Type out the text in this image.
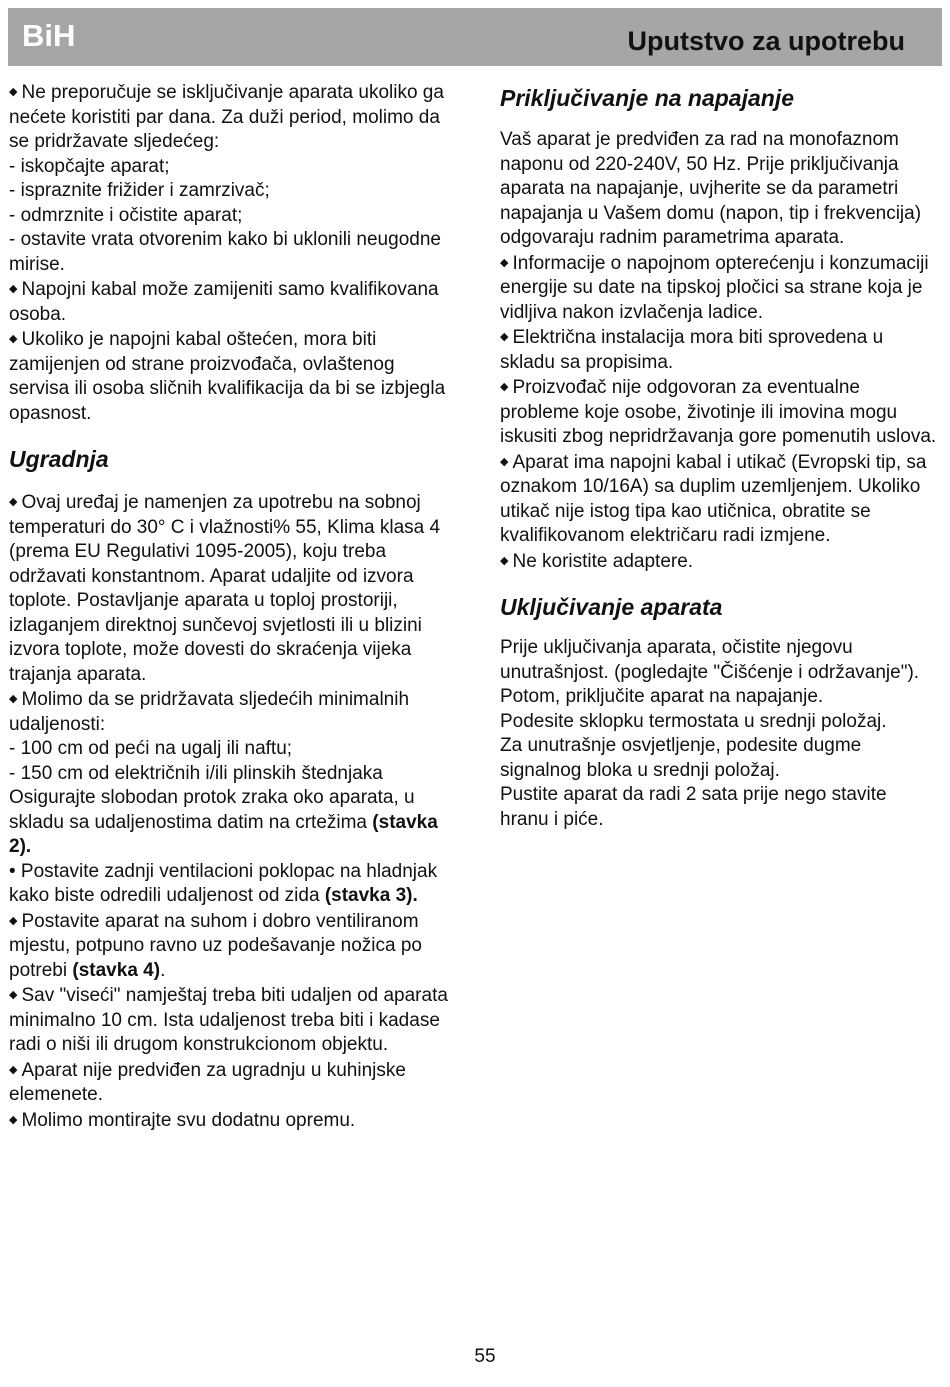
BiH	Uputstvo za upotrebu

◆ Ne preporučuje se isključivanje aparata ukoliko ga nećete koristiti par dana. Za duži period, molimo da se pridržavate sljedećeg:

- iskopčajte aparat;

- ispraznite frižider i zamrzivač;

- odmrznite i očistite aparat;

- ostavite vrata otvorenim kako bi uklonili neugodne mirise.

◆ Napojni kabal može zamijeniti samo kvalifikovana osoba.

◆ Ukoliko je napojni kabal oštećen, mora biti zamijenjen od strane proizvođača, ovlaštenog servisa ili osoba sličnih kvalifikacija da bi se izbjegla opasnost.

Ugradnja

◆ Ovaj uređaj je namenjen za upotrebu na sobnoj temperaturi do 30° C i vlažnosti% 55, Klima klasa 4 (prema EU Regulativi 1095-2005), koju treba održavati konstantnom. Aparat udaljite od izvora toplote. Postavljanje aparata u toploj prostoriji, izlaganjem direktnoj sunčevoj svjetlosti ili u blizini izvora toplote, može dovesti do skraćenja vijeka trajanja aparata.

◆ Molimo da se pridržavata sljedećih minimalnih udaljenosti:

- 100 cm od peći na ugalj ili naftu;

- 150 cm od električnih i/ili plinskih štednjaka

Osigurajte slobodan protok zraka oko aparata, u skladu sa udaljenostima datim na crtežima (stavka 2).

• Postavite zadnji ventilacioni poklopac na hladnjak kako biste odredili udaljenost od zida (stavka 3).

◆ Postavite aparat na suhom i dobro ventiliranom mjestu, potpuno ravno uz podešavanje nožica po potrebi (stavka 4).

◆ Sav "viseći" namještaj treba biti udaljen od aparata minimalno 10 cm. Ista udaljenost treba biti i kadase radi o niši ili drugom konstrukcionom objektu.

◆ Aparat nije predviđen za ugradnju u kuhinjske elemenete.

◆ Molimo montirajte svu dodatnu opremu.

Priključivanje na napajanje

Vaš aparat je predviđen za rad na monofaznom naponu od 220-240V, 50 Hz. Prije priključivanja aparata na napajanje, uvjherite se da parametri napajanja u Vašem domu (napon, tip i frekvencija) odgovaraju radnim parametrima aparata.

◆ Informacije o napojnom opterećenju i konzumaciji energije su date na tipskoj pločici sa strane koja je vidljiva nakon izvlačenja ladice.

◆ Električna instalacija mora biti sprovedena u skladu sa propisima.

◆ Proizvođač nije odgovoran za eventualne probleme koje osobe, životinje ili imovina mogu iskusiti zbog nepridržavanja gore pomenutih uslova.

◆ Aparat ima napojni kabal i utikač (Evropski tip, sa oznakom 10/16A) sa duplim uzemljenjem. Ukoliko utikač nije istog tipa kao utičnica, obratite se kvalifikovanom električaru radi izmjene.

◆ Ne koristite adaptere.

Uključivanje aparata

Prije uključivanja aparata, očistite njegovu unutrašnjost. (pogledajte "Čišćenje i održavanje").

Potom, priključite aparat na napajanje.

Podesite sklopku termostata u srednji položaj.

Za unutrašnje osvjetljenje, podesite dugme signalnog bloka u srednji položaj.

Pustite aparat da radi 2 sata prije nego stavite hranu i piće.

55
